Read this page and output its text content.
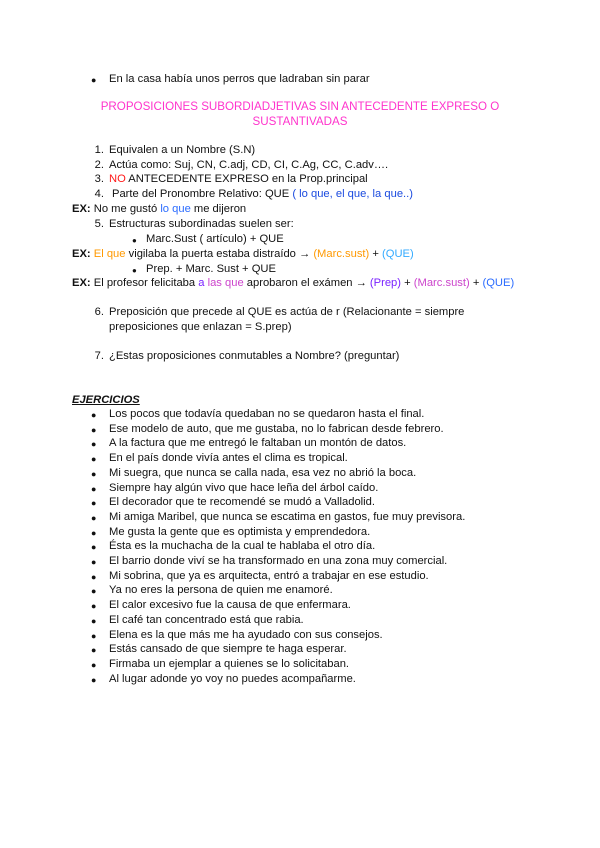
● En la casa había unos perros que ladraban sin parar
PROPOSICIONES SUBORDIADJETIVAS SIN ANTECEDENTE EXPRESO O
SUSTANTIVADAS
1. Equivalen a un Nombre (S.N)
2. Actúa como: Suj, CN, C.adj, CD, CI, C.Ag, CC, C.adv….
3. NO ANTECEDENTE EXPRESO en la Prop.principal
4. Parte del Pronombre Relativo: QUE ( lo que, el que, la que..)
EX: No me gustó lo que me dijeron
5. Estructuras subordinadas suelen ser:
● Marc.Sust ( artículo) + QUE
EX: El que vigilaba la puerta estaba distraído → (Marc.sust) + (QUE)
● Prep. + Marc. Sust + QUE
EX: El profesor felicitaba a las que aprobaron el exámen → (Prep) + (Marc.sust) + (QUE)
6. Preposición que precede al QUE es actúa de r (Relacionante = siempre
preposiciones que enlazan = S.prep)
7. ¿Estas proposiciones conmutables a Nombre? (preguntar)
EJERCICIOS
● Los pocos que todavía quedaban no se quedaron hasta el final.
● Ese modelo de auto, que me gustaba, no lo fabrican desde febrero.
● A la factura que me entregó le faltaban un montón de datos.
● En el país donde vivía antes el clima es tropical.
● Mi suegra, que nunca se calla nada, esa vez no abrió la boca.
● Siempre hay algún vivo que hace leña del árbol caído.
● El decorador que te recomendé se mudó a Valladolid.
● Mi amiga Maribel, que nunca se escatima en gastos, fue muy previsora.
● Me gusta la gente que es optimista y emprendedora.
● Ésta es la muchacha de la cual te hablaba el otro día.
● El barrio donde viví se ha transformado en una zona muy comercial.
● Mi sobrina, que ya es arquitecta, entró a trabajar en ese estudio.
● Ya no eres la persona de quien me enamoré.
● El calor excesivo fue la causa de que enfermara.
● El café tan concentrado está que rabia.
● Elena es la que más me ha ayudado con sus consejos.
● Estás cansado de que siempre te haga esperar.
● Firmaba un ejemplar a quienes se lo solicitaban.
● Al lugar adonde yo voy no puedes acompañarme.
